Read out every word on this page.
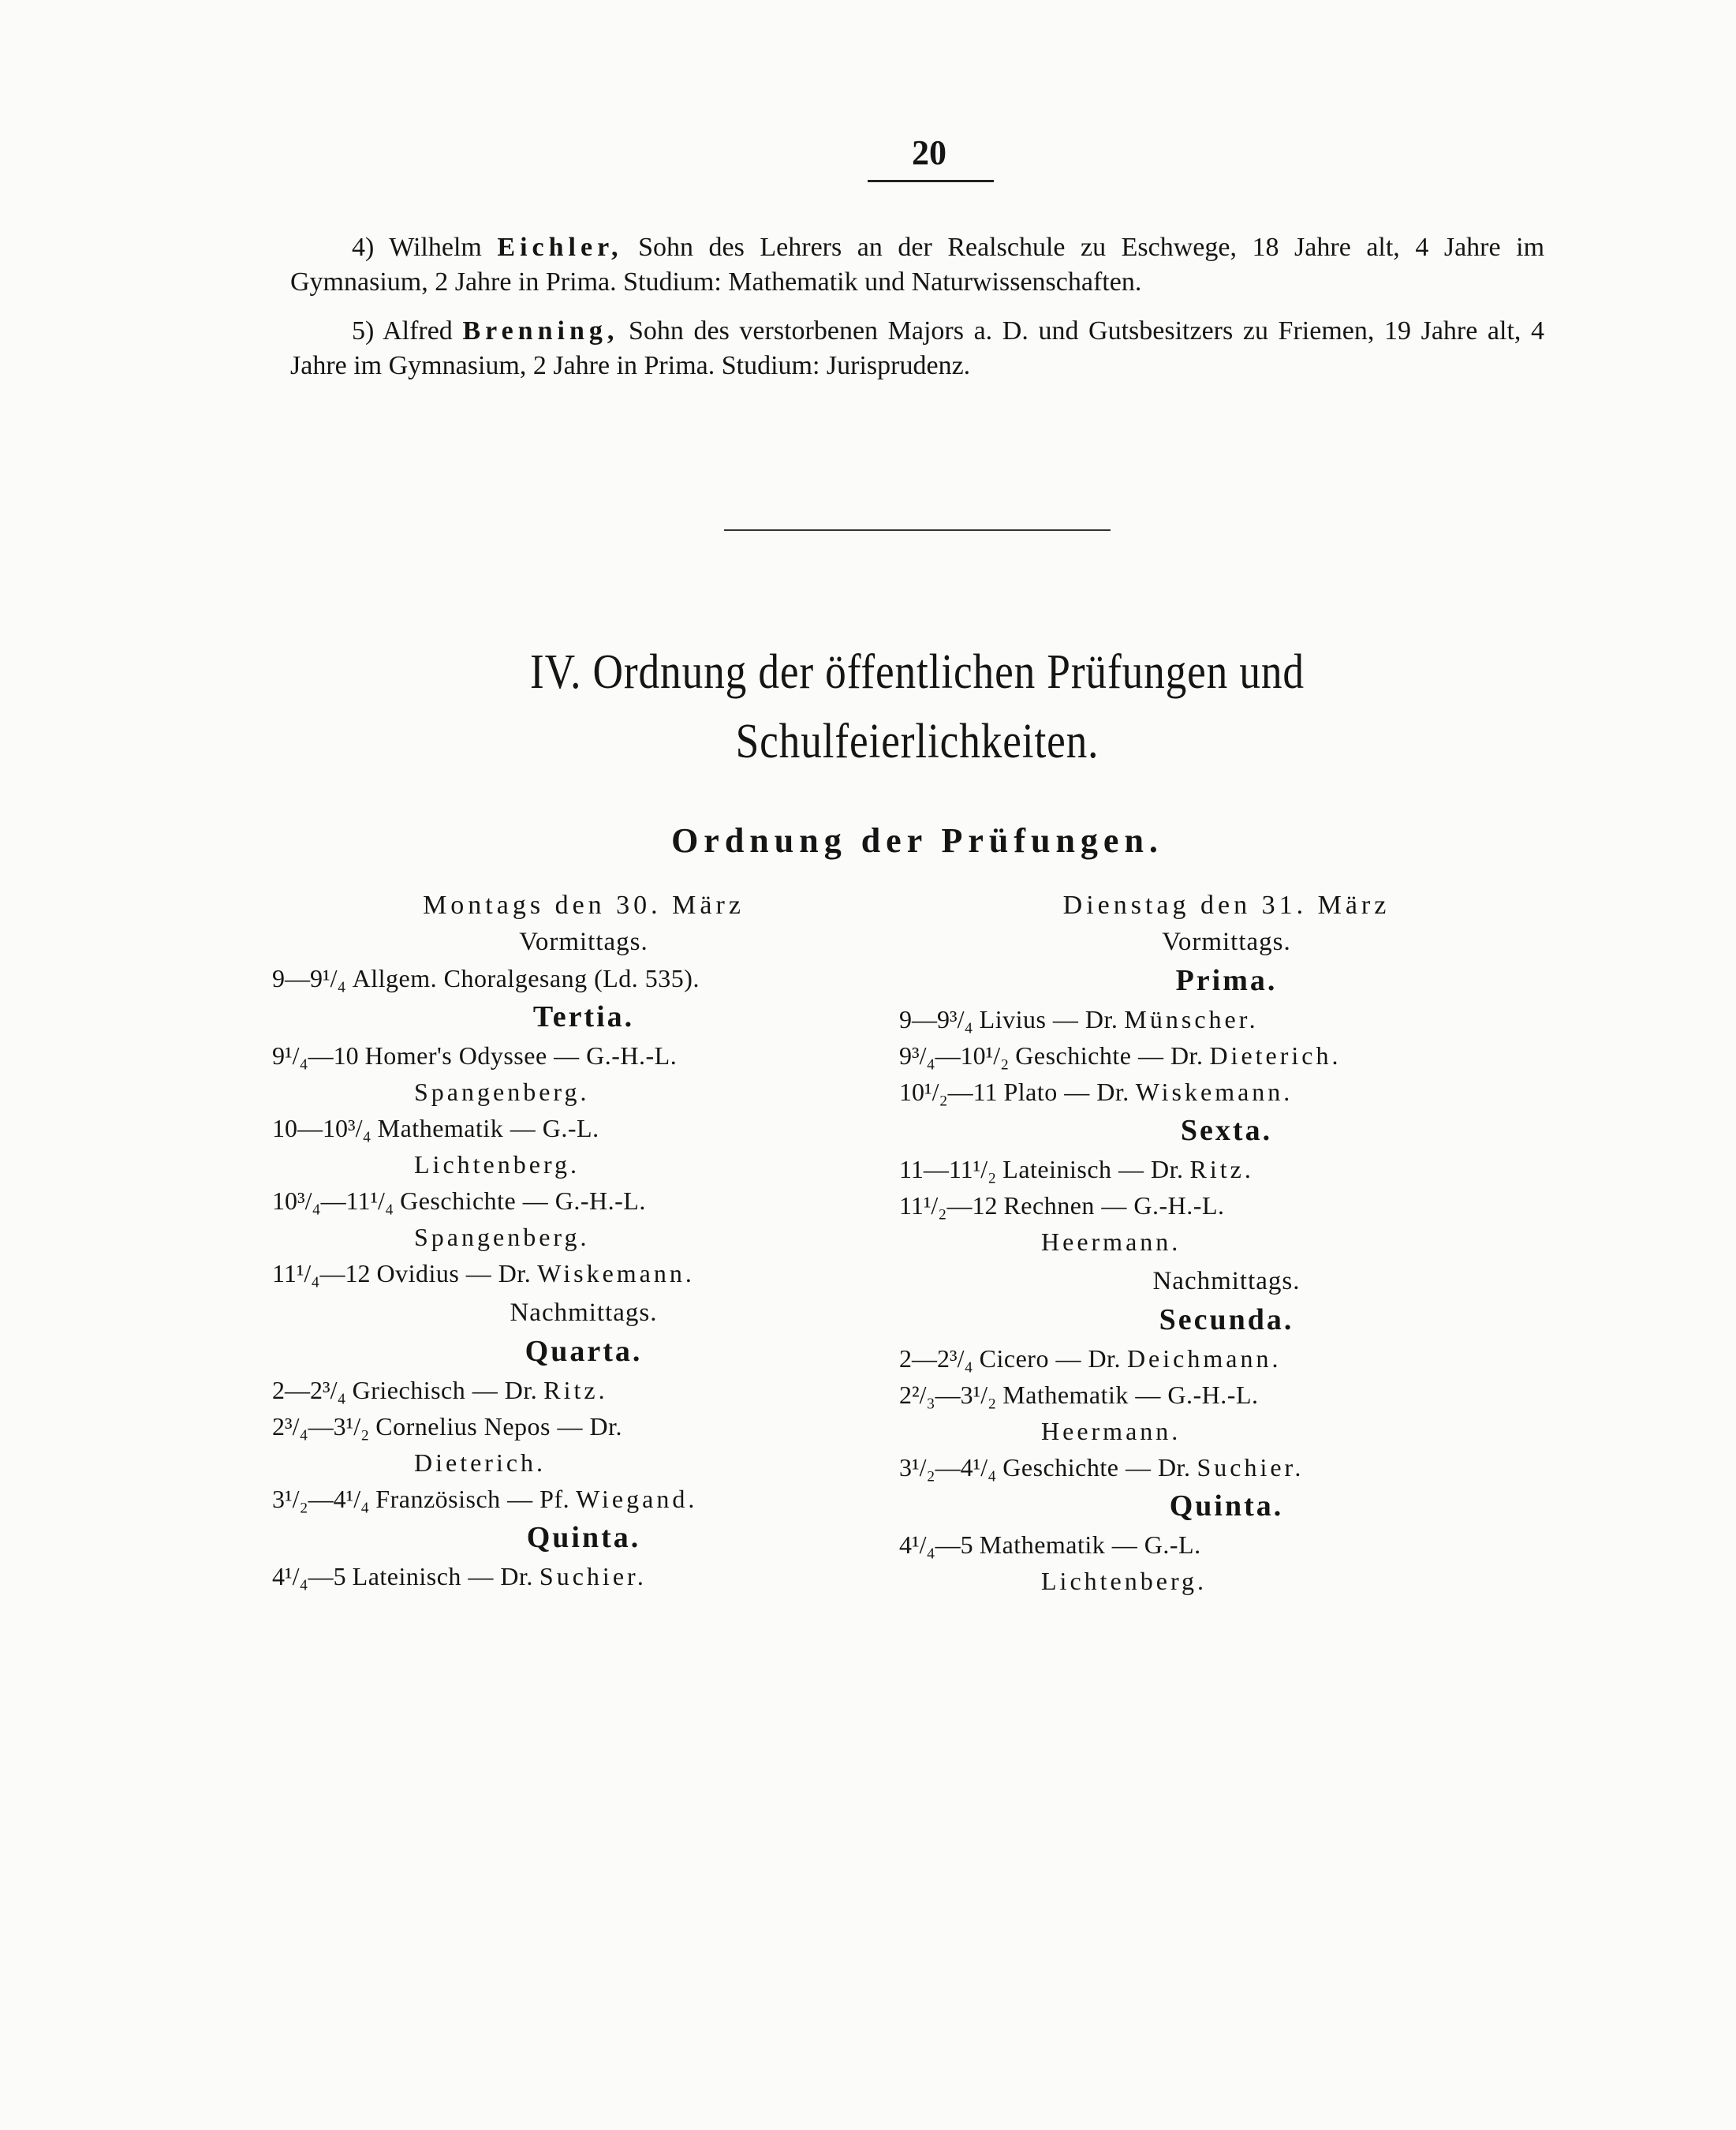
20

4) Wilhelm Eichler, Sohn des Lehrers an der Realschule zu Eschwege, 18 Jahre alt, 4 Jahre im Gymnasium, 2 Jahre in Prima. Studium: Mathematik und Naturwissenschaften.

5) Alfred Brenning, Sohn des verstorbenen Majors a. D. und Gutsbesitzers zu Friemen, 19 Jahre alt, 4 Jahre im Gymnasium, 2 Jahre in Prima. Studium: Jurisprudenz.

IV. Ordnung der öffentlichen Prüfungen und
Schulfeierlichkeiten.
Ordnung der Prüfungen.
Montags den 30. März
Vormittags.
9—9¹/₄ Allgem. Choralgesang (Ld. 535).
Tertia.
9¹/₄—10 Homer's Odyssee — G.-H.-L.
Spangenberg.
10—10³/₄ Mathematik — G.-L.
Lichtenberg.
10³/₄—11¹/₄ Geschichte — G.-H.-L.
Spangenberg.
11¹/₄—12 Ovidius — Dr. Wiskemann.
Nachmittags.
Quarta.
2—2³/₄ Griechisch — Dr. Ritz.
2³/₄—3¹/₂ Cornelius Nepos — Dr.
Dieterich.
3¹/₂—4¹/₄ Französisch — Pf. Wiegand.
Quinta.
4¹/₄—5 Lateinisch — Dr. Suchier.
Dienstag den 31. März
Vormittags.
Prima.
9—9³/₄ Livius — Dr. Münscher.
9³/₄—10¹/₂ Geschichte — Dr. Dieterich.
10¹/₂—11 Plato — Dr. Wiskemann.
Sexta.
11—11¹/₂ Lateinisch — Dr. Ritz.
11¹/₂—12 Rechnen — G.-H.-L.
Heermann.
Nachmittags.
Secunda.
2—2³/₄ Cicero — Dr. Deichmann.
2²/₃—3¹/₂ Mathematik — G.-H.-L.
Heermann.
3¹/₂—4¹/₄ Geschichte — Dr. Suchier.
Quinta.
4¹/₄—5 Mathematik — G.-L.
Lichtenberg.
